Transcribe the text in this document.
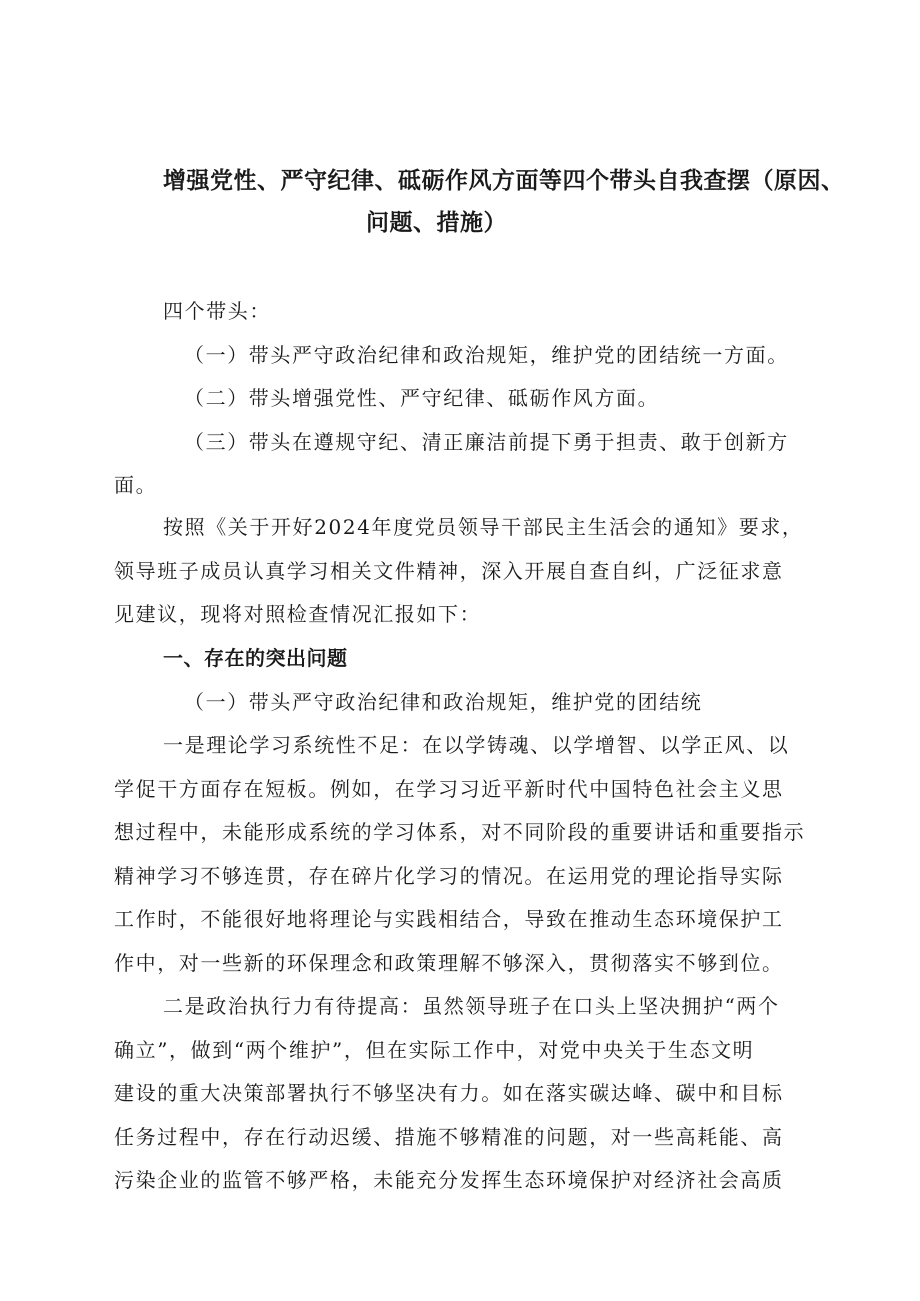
增强党性、严守纪律、砥砺作风方面等四个带头自我查摆（原因、
问题、措施）
四个带头：
（一）带头严守政治纪律和政治规矩，维护党的团结统一方面。
（二）带头增强党性、严守纪律、砥砺作风方面。
（三）带头在遵规守纪、清正廉洁前提下勇于担责、敢于创新方
面。
按照《关于开好2024年度党员领导干部民主生活会的通知》要求，
领导班子成员认真学习相关文件精神，深入开展自查自纠，广泛征求意
见建议，现将对照检查情况汇报如下：
一、存在的突出问题
（一）带头严守政治纪律和政治规矩，维护党的团结统
一是理论学习系统性不足：在以学铸魂、以学增智、以学正风、以
学促干方面存在短板。例如，在学习习近平新时代中国特色社会主义思
想过程中，未能形成系统的学习体系，对不同阶段的重要讲话和重要指示
精神学习不够连贯，存在碎片化学习的情况。在运用党的理论指导实际
工作时，不能很好地将理论与实践相结合，导致在推动生态环境保护工
作中，对一些新的环保理念和政策理解不够深入，贯彻落实不够到位。
二是政治执行力有待提高：虽然领导班子在口头上坚决拥护“两个
确立”，做到“两个维护”，但在实际工作中，对党中央关于生态文明
建设的重大决策部署执行不够坚决有力。如在落实碳达峰、碳中和目标
任务过程中，存在行动迟缓、措施不够精准的问题，对一些高耗能、高
污染企业的监管不够严格，未能充分发挥生态环境保护对经济社会高质
